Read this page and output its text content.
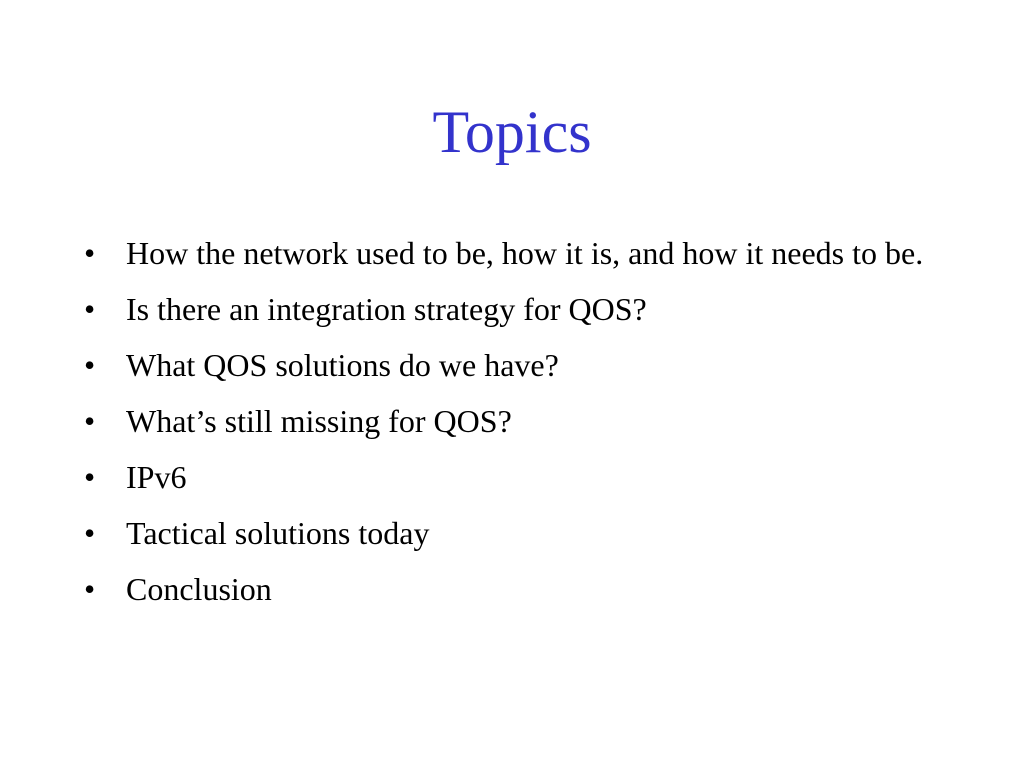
Topics
• How the network used to be, how it is, and how it needs to be.
• Is there an integration strategy for QOS?
• What QOS solutions do we have?
• What’s still missing for QOS?
• IPv6
• Tactical solutions today
• Conclusion
